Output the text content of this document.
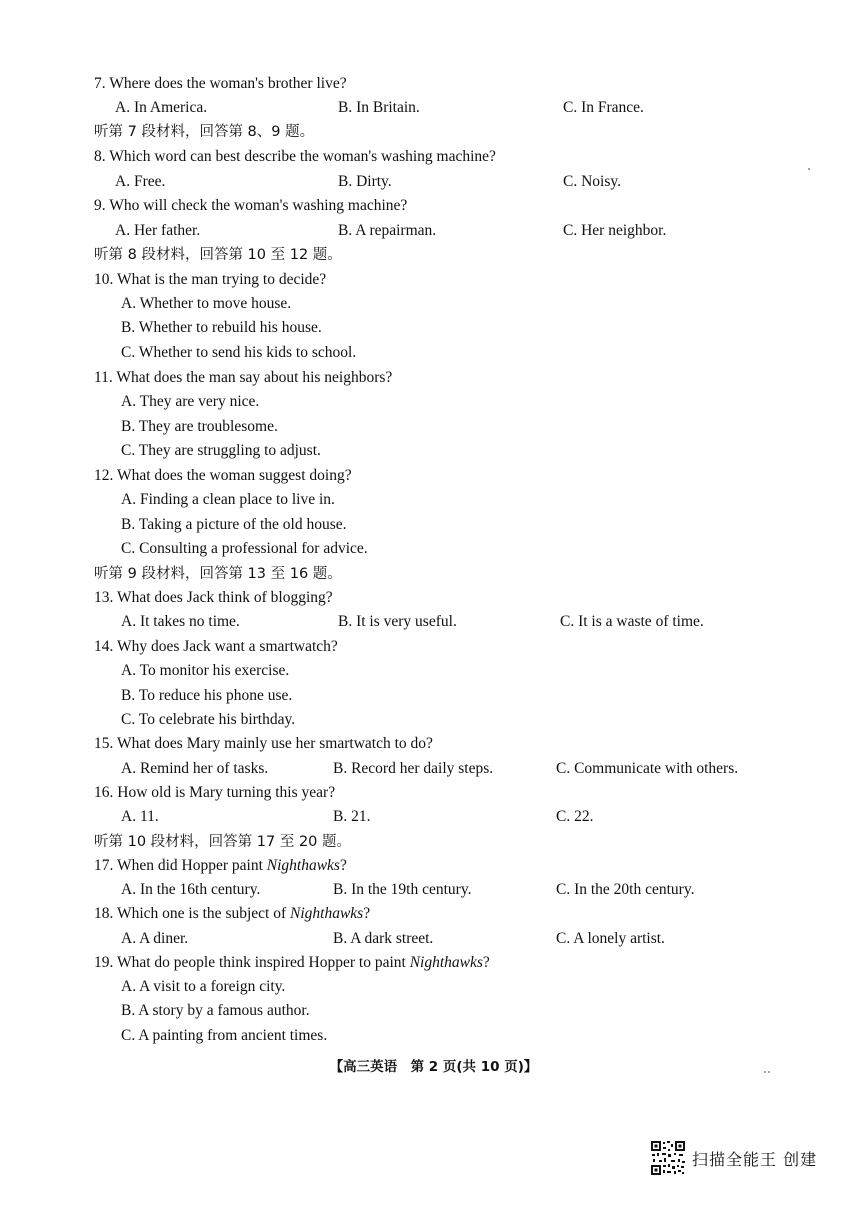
7. Where does the woman's brother live?
A. In America.	B. In Britain.	C. In France.
听第 7 段材料，回答第 8、9 题。
8. Which word can best describe the woman's washing machine?
A. Free.	B. Dirty.	C. Noisy.
9. Who will check the woman's washing machine?
A. Her father.	B. A repairman.	C. Her neighbor.
听第 8 段材料，回答第 10 至 12 题。
10. What is the man trying to decide?
A. Whether to move house.
B. Whether to rebuild his house.
C. Whether to send his kids to school.
11. What does the man say about his neighbors?
A. They are very nice.
B. They are troublesome.
C. They are struggling to adjust.
12. What does the woman suggest doing?
A. Finding a clean place to live in.
B. Taking a picture of the old house.
C. Consulting a professional for advice.
听第 9 段材料，回答第 13 至 16 题。
13. What does Jack think of blogging?
A. It takes no time.	B. It is very useful.	C. It is a waste of time.
14. Why does Jack want a smartwatch?
A. To monitor his exercise.
B. To reduce his phone use.
C. To celebrate his birthday.
15. What does Mary mainly use her smartwatch to do?
A. Remind her of tasks.	B. Record her daily steps.	C. Communicate with others.
16. How old is Mary turning this year?
A. 11.	B. 21.	C. 22.
听第 10 段材料，回答第 17 至 20 题。
17. When did Hopper paint Nighthawks?
A. In the 16th century.	B. In the 19th century.	C. In the 20th century.
18. Which one is the subject of Nighthawks?
A. A diner.	B. A dark street.	C. A lonely artist.
19. What do people think inspired Hopper to paint Nighthawks?
A. A visit to a foreign city.
B. A story by a famous author.
C. A painting from ancient times.
【高三英语　第 2 页(共 10 页)】
扫描全能王 创建
